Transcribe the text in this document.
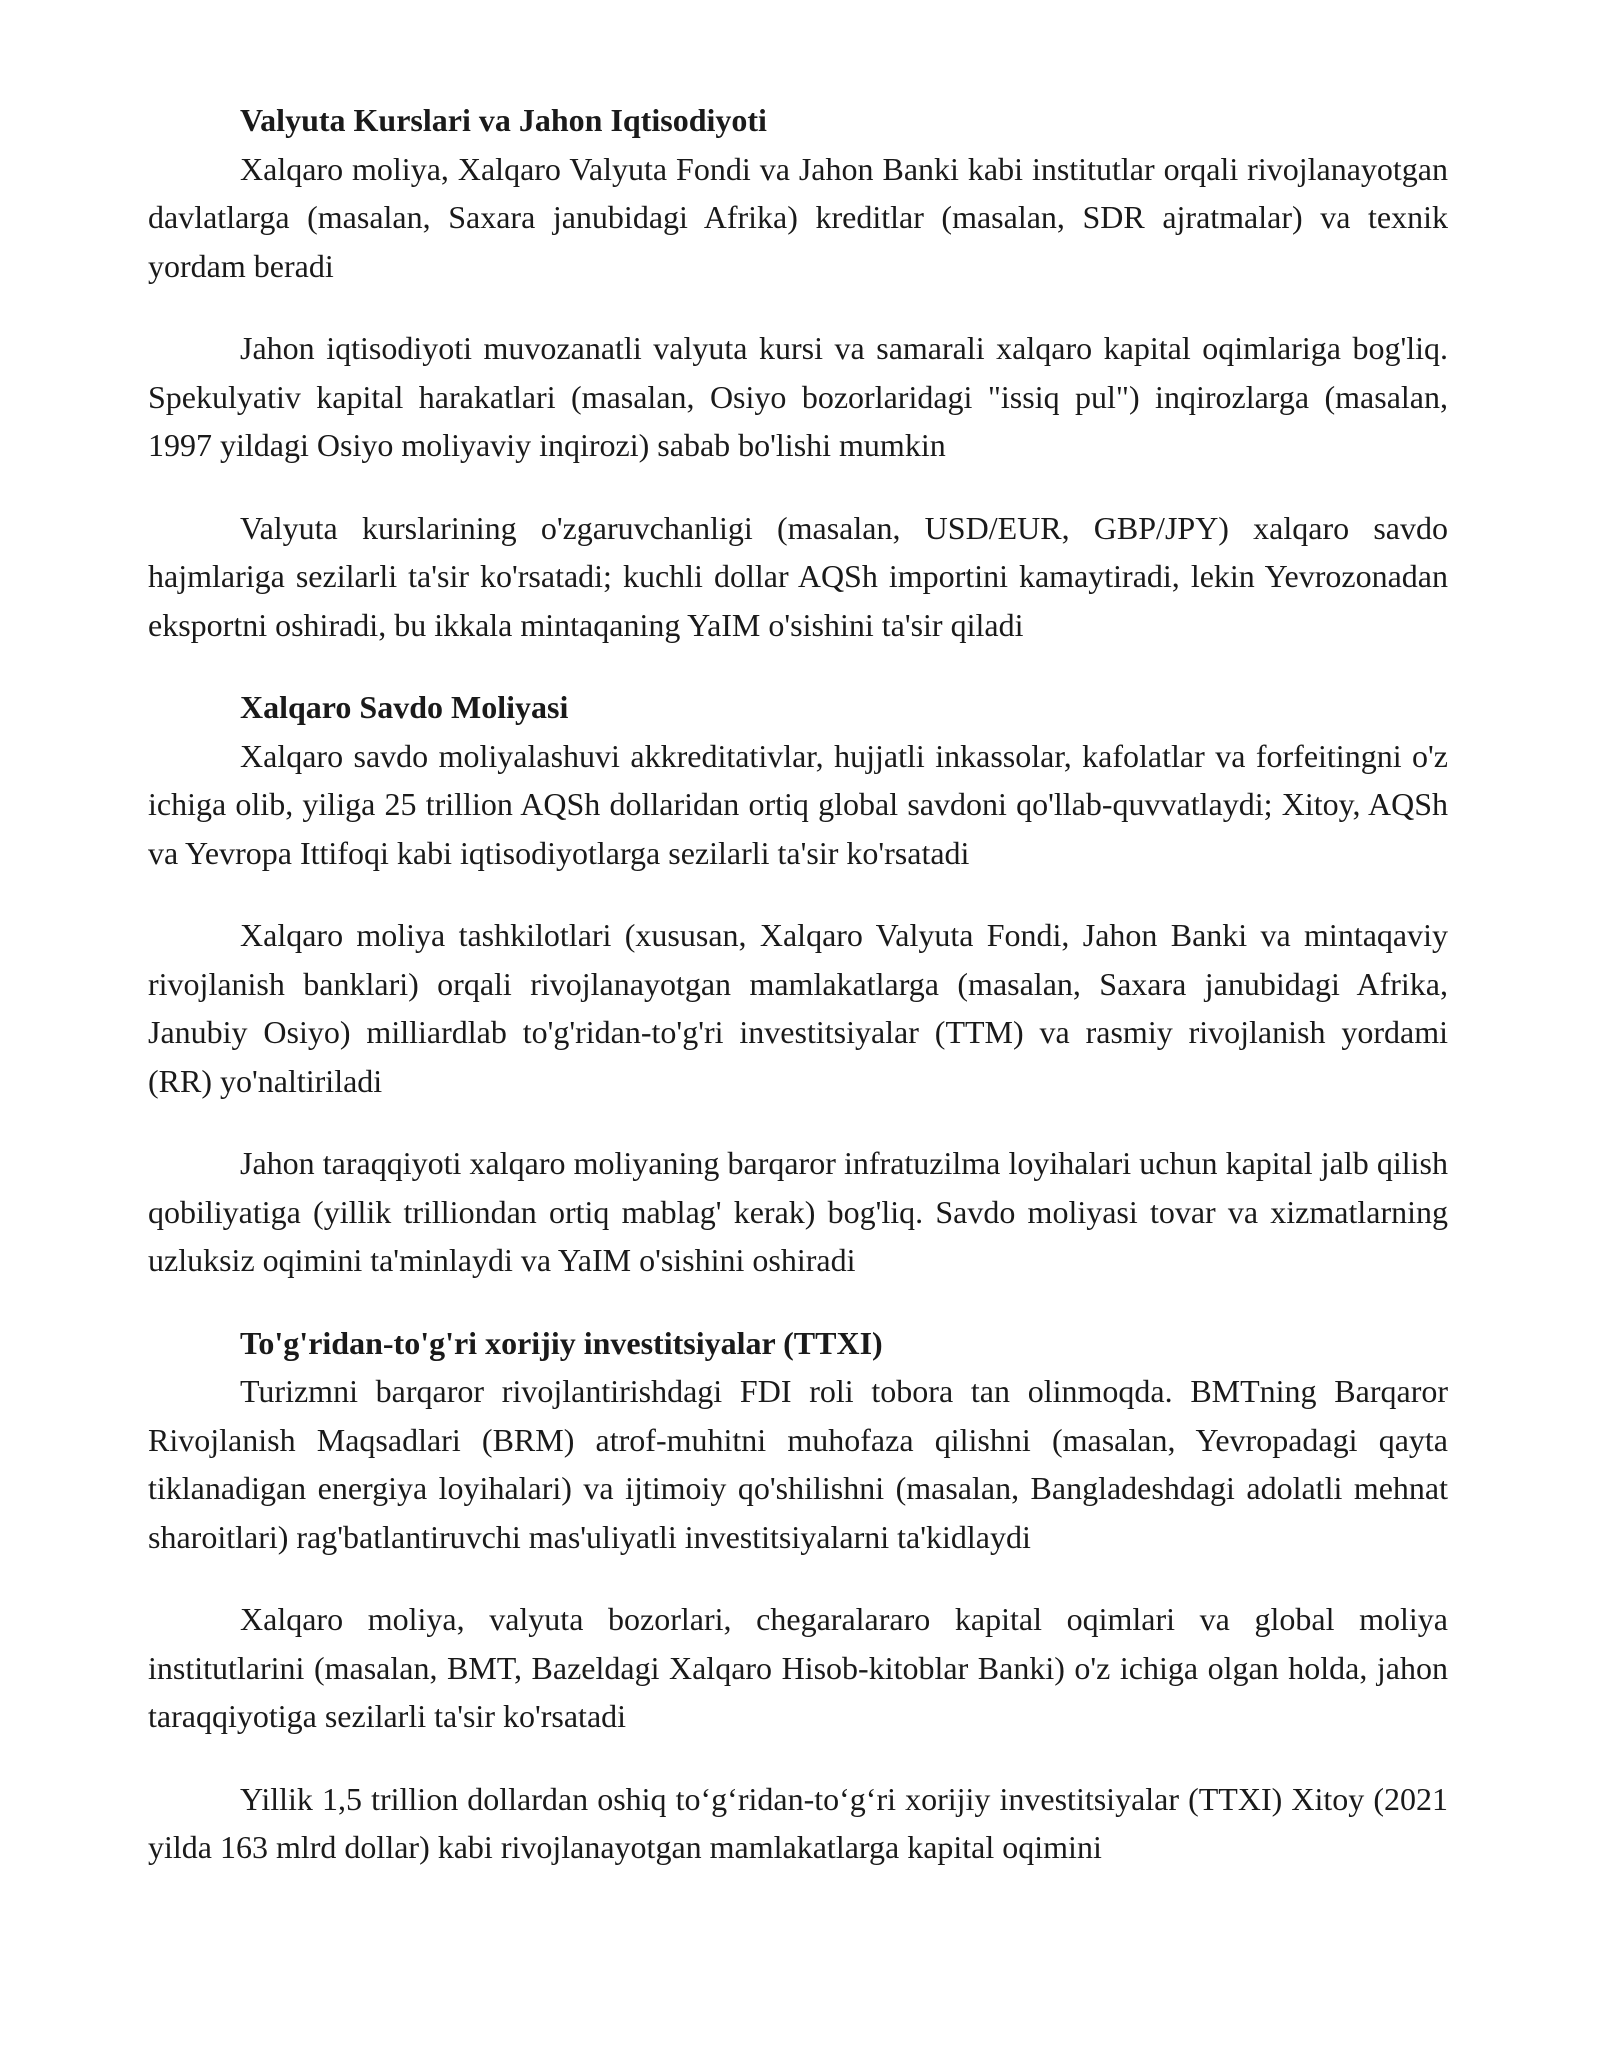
Valyuta Kurslari va Jahon Iqtisodiyoti

Xalqaro moliya, Xalqaro Valyuta Fondi va Jahon Banki kabi institutlar orqali rivojlanayotgan davlatlarga (masalan, Saxara janubidagi Afrika) kreditlar (masalan, SDR ajratmalar) va texnik yordam beradi

Jahon iqtisodiyoti muvozanatli valyuta kursi va samarali xalqaro kapital oqimlariga bog'liq. Spekulyativ kapital harakatlari (masalan, Osiyo bozorlaridagi "issiq pul") inqirozlarga (masalan, 1997 yildagi Osiyo moliyaviy inqirozi) sabab bo'lishi mumkin

Valyuta kurslarining o'zgaruvchanligi (masalan, USD/EUR, GBP/JPY) xalqaro savdo hajmlariga sezilarli ta'sir ko'rsatadi; kuchli dollar AQSh importini kamaytiradi, lekin Yevrozonadan eksportni oshiradi, bu ikkala mintaqaning YaIM o'sishini ta'sir qiladi

Xalqaro Savdo Moliyasi

Xalqaro savdo moliyalashuvi akkreditativlar, hujjatli inkassolar, kafolatlar va forfeitingni o'z ichiga olib, yiliga 25 trillion AQSh dollaridan ortiq global savdoni qo'llab-quvvatlaydi; Xitoy, AQSh va Yevropa Ittifoqi kabi iqtisodiyotlarga sezilarli ta'sir ko'rsatadi

Xalqaro moliya tashkilotlari (xususan, Xalqaro Valyuta Fondi, Jahon Banki va mintaqaviy rivojlanish banklari) orqali rivojlanayotgan mamlakatlarga (masalan, Saxara janubidagi Afrika, Janubiy Osiyo) milliardlab to'g'ridan-to'g'ri investitsiyalar (TTM) va rasmiy rivojlanish yordami (RR) yo'naltiriladi

Jahon taraqqiyoti xalqaro moliyaning barqaror infratuzilma loyihalari uchun kapital jalb qilish qobiliyatiga (yillik trilliondan ortiq mablag' kerak) bog'liq. Savdo moliyasi tovar va xizmatlarning uzluksiz oqimini ta'minlaydi va YaIM o'sishini oshiradi

To'g'ridan-to'g'ri xorijiy investitsiyalar (TTXI)

Turizmni barqaror rivojlantirishdagi FDI roli tobora tan olinmoqda. BMTning Barqaror Rivojlanish Maqsadlari (BRM) atrof-muhitni muhofaza qilishni (masalan, Yevropadagi qayta tiklanadigan energiya loyihalari) va ijtimoiy qo'shilishni (masalan, Bangladeshdagi adolatli mehnat sharoitlari) rag'batlantiruvchi mas'uliyatli investitsiyalarni ta'kidlaydi

Xalqaro moliya, valyuta bozorlari, chegaralararo kapital oqimlari va global moliya institutlarini (masalan, BMT, Bazeldagi Xalqaro Hisob-kitoblar Banki) o'z ichiga olgan holda, jahon taraqqiyotiga sezilarli ta'sir ko'rsatadi

Yillik 1,5 trillion dollardan oshiq to‘g‘ridan-to‘g‘ri xorijiy investitsiyalar (TTXI) Xitoy (2021 yilda 163 mlrd dollar) kabi rivojlanayotgan mamlakatlarga kapital oqimini
